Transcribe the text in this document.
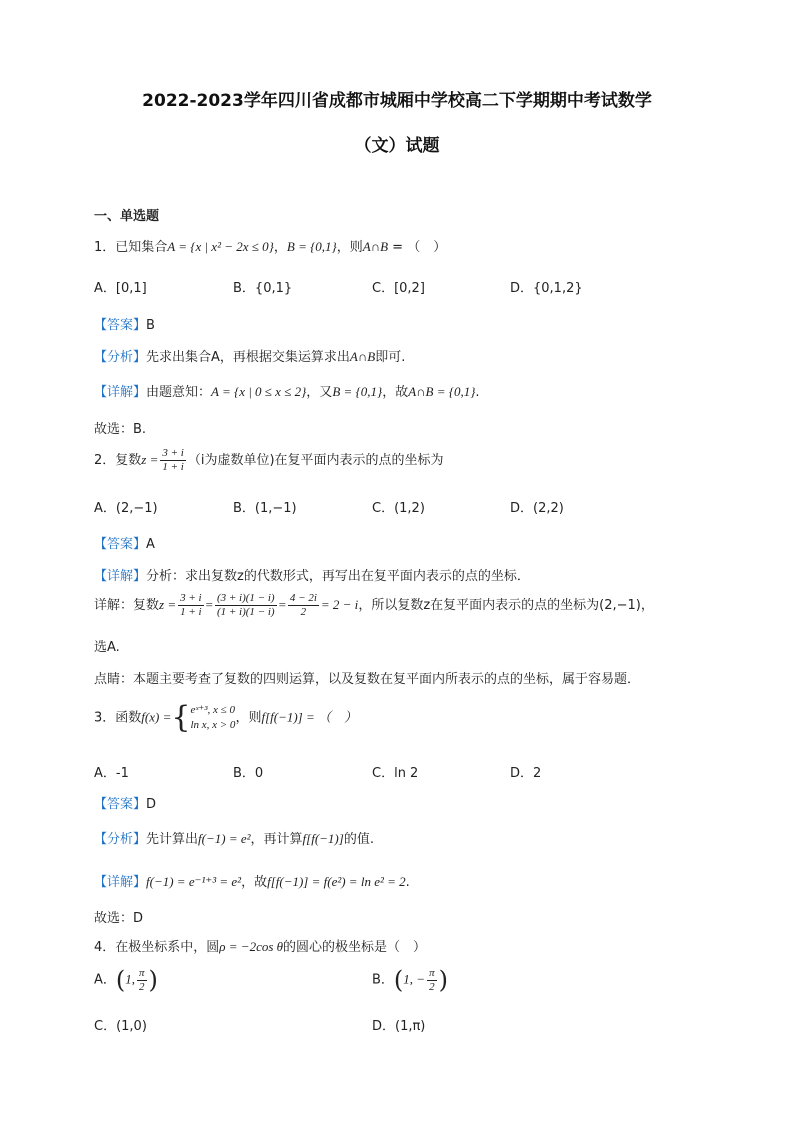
2022-2023学年四川省成都市城厢中学校高二下学期期中考试数学
（文）试题
一、单选题
1．已知集合A = {x | x² − 2x ≤ 0}，B = {0,1}，则A∩B = （　）
A．[0,1]	B．{0,1}	C．[0,2]	D．{0,1,2}
【答案】B
【分析】先求出集合A，再根据交集运算求出A∩B即可.
【详解】由题意知：A = {x | 0 ≤ x ≤ 2}，又B = {0,1}，故A∩B = {0,1}.
故选：B.
2．复数$z = \frac{3 + i}{1 + i} (i$为虚数单位)在复平面内表示的点的坐标为
A．(2,−1)	B．(1,−1)	C．(1,2)	D．(2,2)
【答案】A
【详解】分析：求出复数z的代数形式，再写出在复平面内表示的点的坐标．
详解：复数$z = \frac{3 + i}{1 + i} = \frac{(3 + i)(1 - i)}{(1 + i)(1 - i)} = \frac{4 - 2i}{2} = 2 - i$，所以复数z在复平面内表示的点的坐标为(2,−1)，
选A.
点睛：本题主要考查了复数的四则运算，以及复数在复平面内所表示的点的坐标，属于容易题．
3．函数f(x) ={ eˣ⁺³, x ≤ 0
ln x, x > 0 ，则f[f(−1)] = （　）
A．-1	B．0	C．ln 2	D．2
【答案】D
【分析】先计算出f(−1) = e²，再计算f[f(−1)]的值.
【详解】f(−1) = e⁻¹⁺³ = e²，故f[f(−1)] = f(e²) = ln e² = 2.
故选：D
4．在极坐标系中，圆ρ = −2cos θ的圆心的极坐标是（　）
A．(1, $\frac{\pi}{2}$ )	B．(1, − $\frac{\pi}{2}$ )
C．(1,0)	D．(1,π)
